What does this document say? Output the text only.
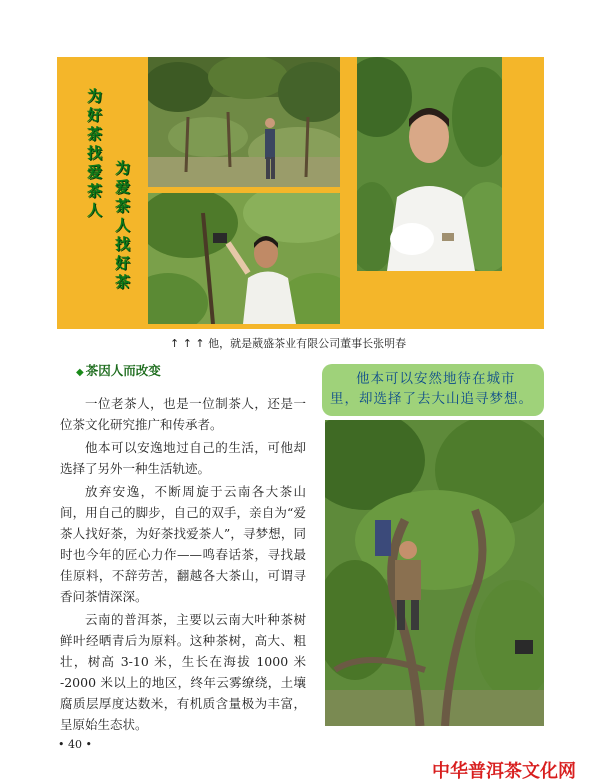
为好茶找爱茶人
为爱茶人找好茶
↑ ↑ ↑ 他，就是葳盛茶业有限公司董事长张明春
◆ 茶因人而改变

一位老茶人，也是一位制茶人，还是一位茶文化研究推广和传承者。

他本可以安逸地过自己的生活，可他却选择了另外一种生活轨迹。

放弃安逸，不断周旋于云南各大茶山间，用自己的脚步，自己的双手，亲自为“爱茶人找好茶，为好茶找爱茶人”，寻梦想，同时也今年的匠心力作——鸣春话茶，寻找最佳原料，不辞劳苦，翻越各大茶山，可谓寻香问茶情深深。

云南的普洱茶，主要以云南大叶种茶树鲜叶经晒青后为原料。这种茶树，高大、粗壮，树高 3-10 米，生长在海拔 1000 米 -2000 米以上的地区，终年云雾缭绕，土壤腐质层厚度达数米，有机质含量极为丰富，呈原始生态状。

他本可以安然地待在城市
里，却选择了去大山追寻梦想。
• 40 •
中华普洱茶文化网
